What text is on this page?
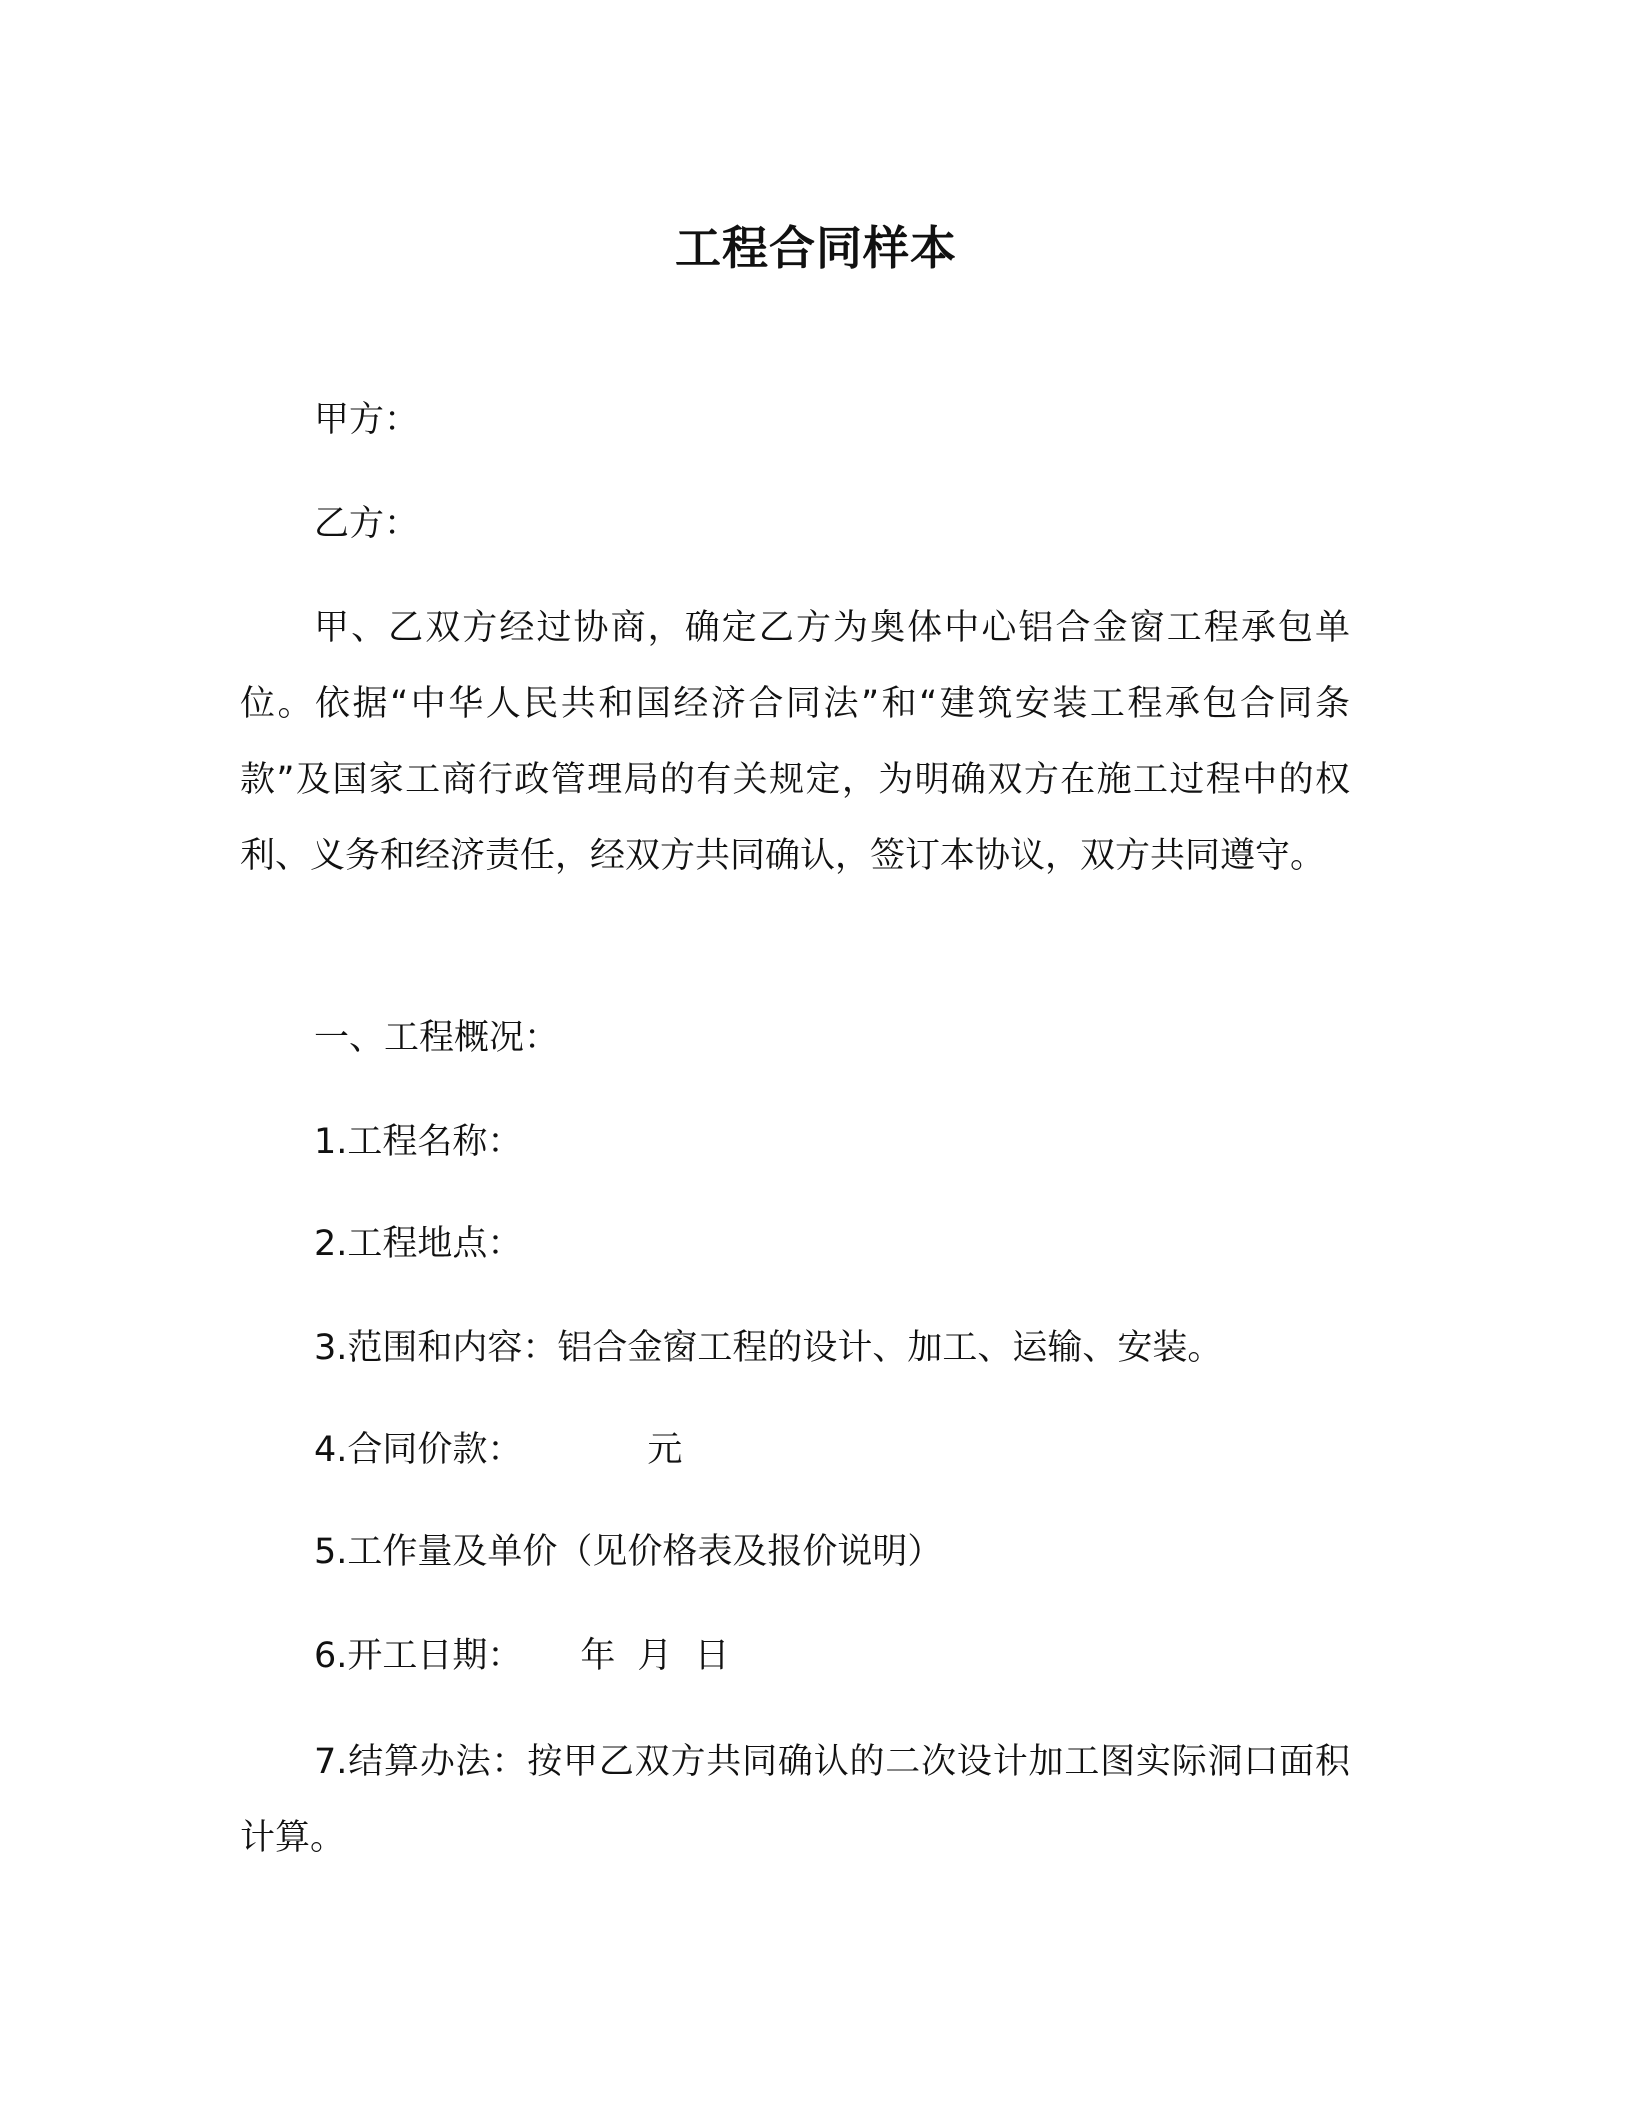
工程合同样本
甲方：
乙方：
甲、乙双方经过协商，确定乙方为奥体中心铝合金窗工程承包单位。依据“中华人民共和国经济合同法”和“建筑安装工程承包合同条款”及国家工商行政管理局的有关规定，为明确双方在施工过程中的权利、义务和经济责任，经双方共同确认，签订本协议，双方共同遵守。
一、工程概况：
1.工程名称：
2.工程地点：
3.范围和内容：铝合金窗工程的设计、加工、运输、安装。
4.合同价款：	元
5.工作量及单价（见价格表及报价说明）
6.开工日期： 年 月 日
7.结算办法：按甲乙双方共同确认的二次设计加工图实际洞口面积计算。
